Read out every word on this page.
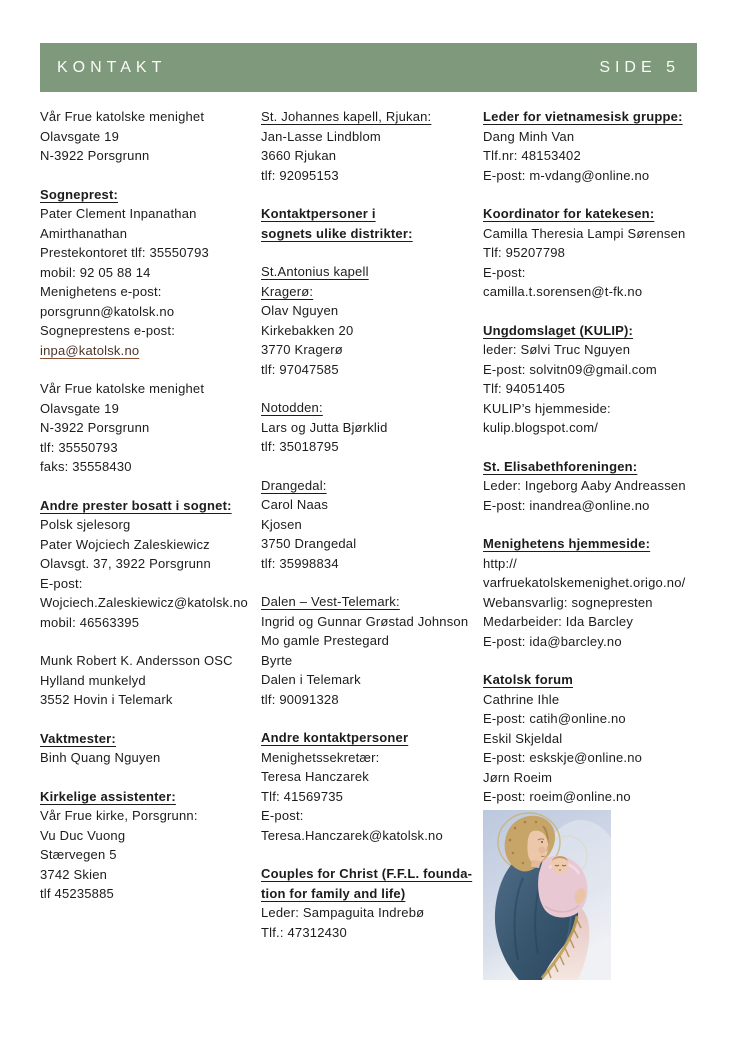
KONTAKT	SIDE 5
Vår Frue katolske menighet
Olavsgate 19
N-3922 Porsgrunn
Sogneprest:
Pater Clement Inpanathan
Amirthanathan
Prestekontoret tlf: 35550793
mobil: 92 05 88 14
Menighetens e-post:
porsgrunn@katolsk.no
Sogneprestens e-post:
inpa@katolsk.no
Vår Frue katolske menighet
Olavsgate 19
N-3922 Porsgrunn
tlf: 35550793
faks: 35558430
Andre prester bosatt i sognet:
Polsk sjelesorg
Pater Wojciech Zaleskiewicz
Olavsgt. 37, 3922 Porsgrunn
E-post:
Wojciech.Zaleskiewicz@katolsk.no
mobil: 46563395
Munk Robert K. Andersson OSC
Hylland munkelyd
3552 Hovin i Telemark
Vaktmester:
Binh Quang Nguyen
Kirkelige assistenter:
Vår Frue kirke, Porsgrunn:
Vu Duc Vuong
Stærvegen 5
3742 Skien
tlf 45235885
St. Johannes kapell, Rjukan:
Jan-Lasse Lindblom
3660 Rjukan
tlf: 92095153
Kontaktpersoner i
sognets ulike distrikter:
St.Antonius kapell
Kragerø:
Olav Nguyen
Kirkebakken 20
3770 Kragerø
tlf: 97047585
Notodden:
Lars og Jutta Bjørklid
tlf: 35018795
Drangedal:
Carol Naas
Kjosen
3750 Drangedal
tlf: 35998834
Dalen – Vest-Telemark:
Ingrid og Gunnar Grøstad Johnson
Mo gamle Prestegard
Byrte
Dalen i Telemark
tlf: 90091328
Andre kontaktpersoner
Menighetssekretær:
Teresa Hanczarek
Tlf: 41569735
E-post:
Teresa.Hanczarek@katolsk.no
Couples for Christ (F.F.L. founda-
tion for family and life)
Leder: Sampaguita Indrebø
Tlf.: 47312430
Leder for vietnamesisk gruppe:
Dang Minh Van
Tlf.nr: 48153402
E-post: m-vdang@online.no
Koordinator for katekesen:
Camilla Theresia Lampi Sørensen
Tlf: 95207798
E-post:
camilla.t.sorensen@t-fk.no
Ungdomslaget (KULIP):
leder: Sølvi Truc Nguyen
E-post: solvitn09@gmail.com
Tlf: 94051405
KULIP’s hjemmeside:
kulip.blogspot.com/
St. Elisabethforeningen:
Leder: Ingeborg Aaby Andreassen
E-post: inandrea@online.no
Menighetens hjemmeside:
http://
varfruekatolskemenighet.origo.no/
Webansvarlig: sognepresten
Medarbeider: Ida Barcley
E-post: ida@barcley.no
Katolsk forum
Cathrine Ihle
E-post: catih@online.no
Eskil Skjeldal
E-post: eskskje@online.no
Jørn Roeim
E-post: roeim@online.no
